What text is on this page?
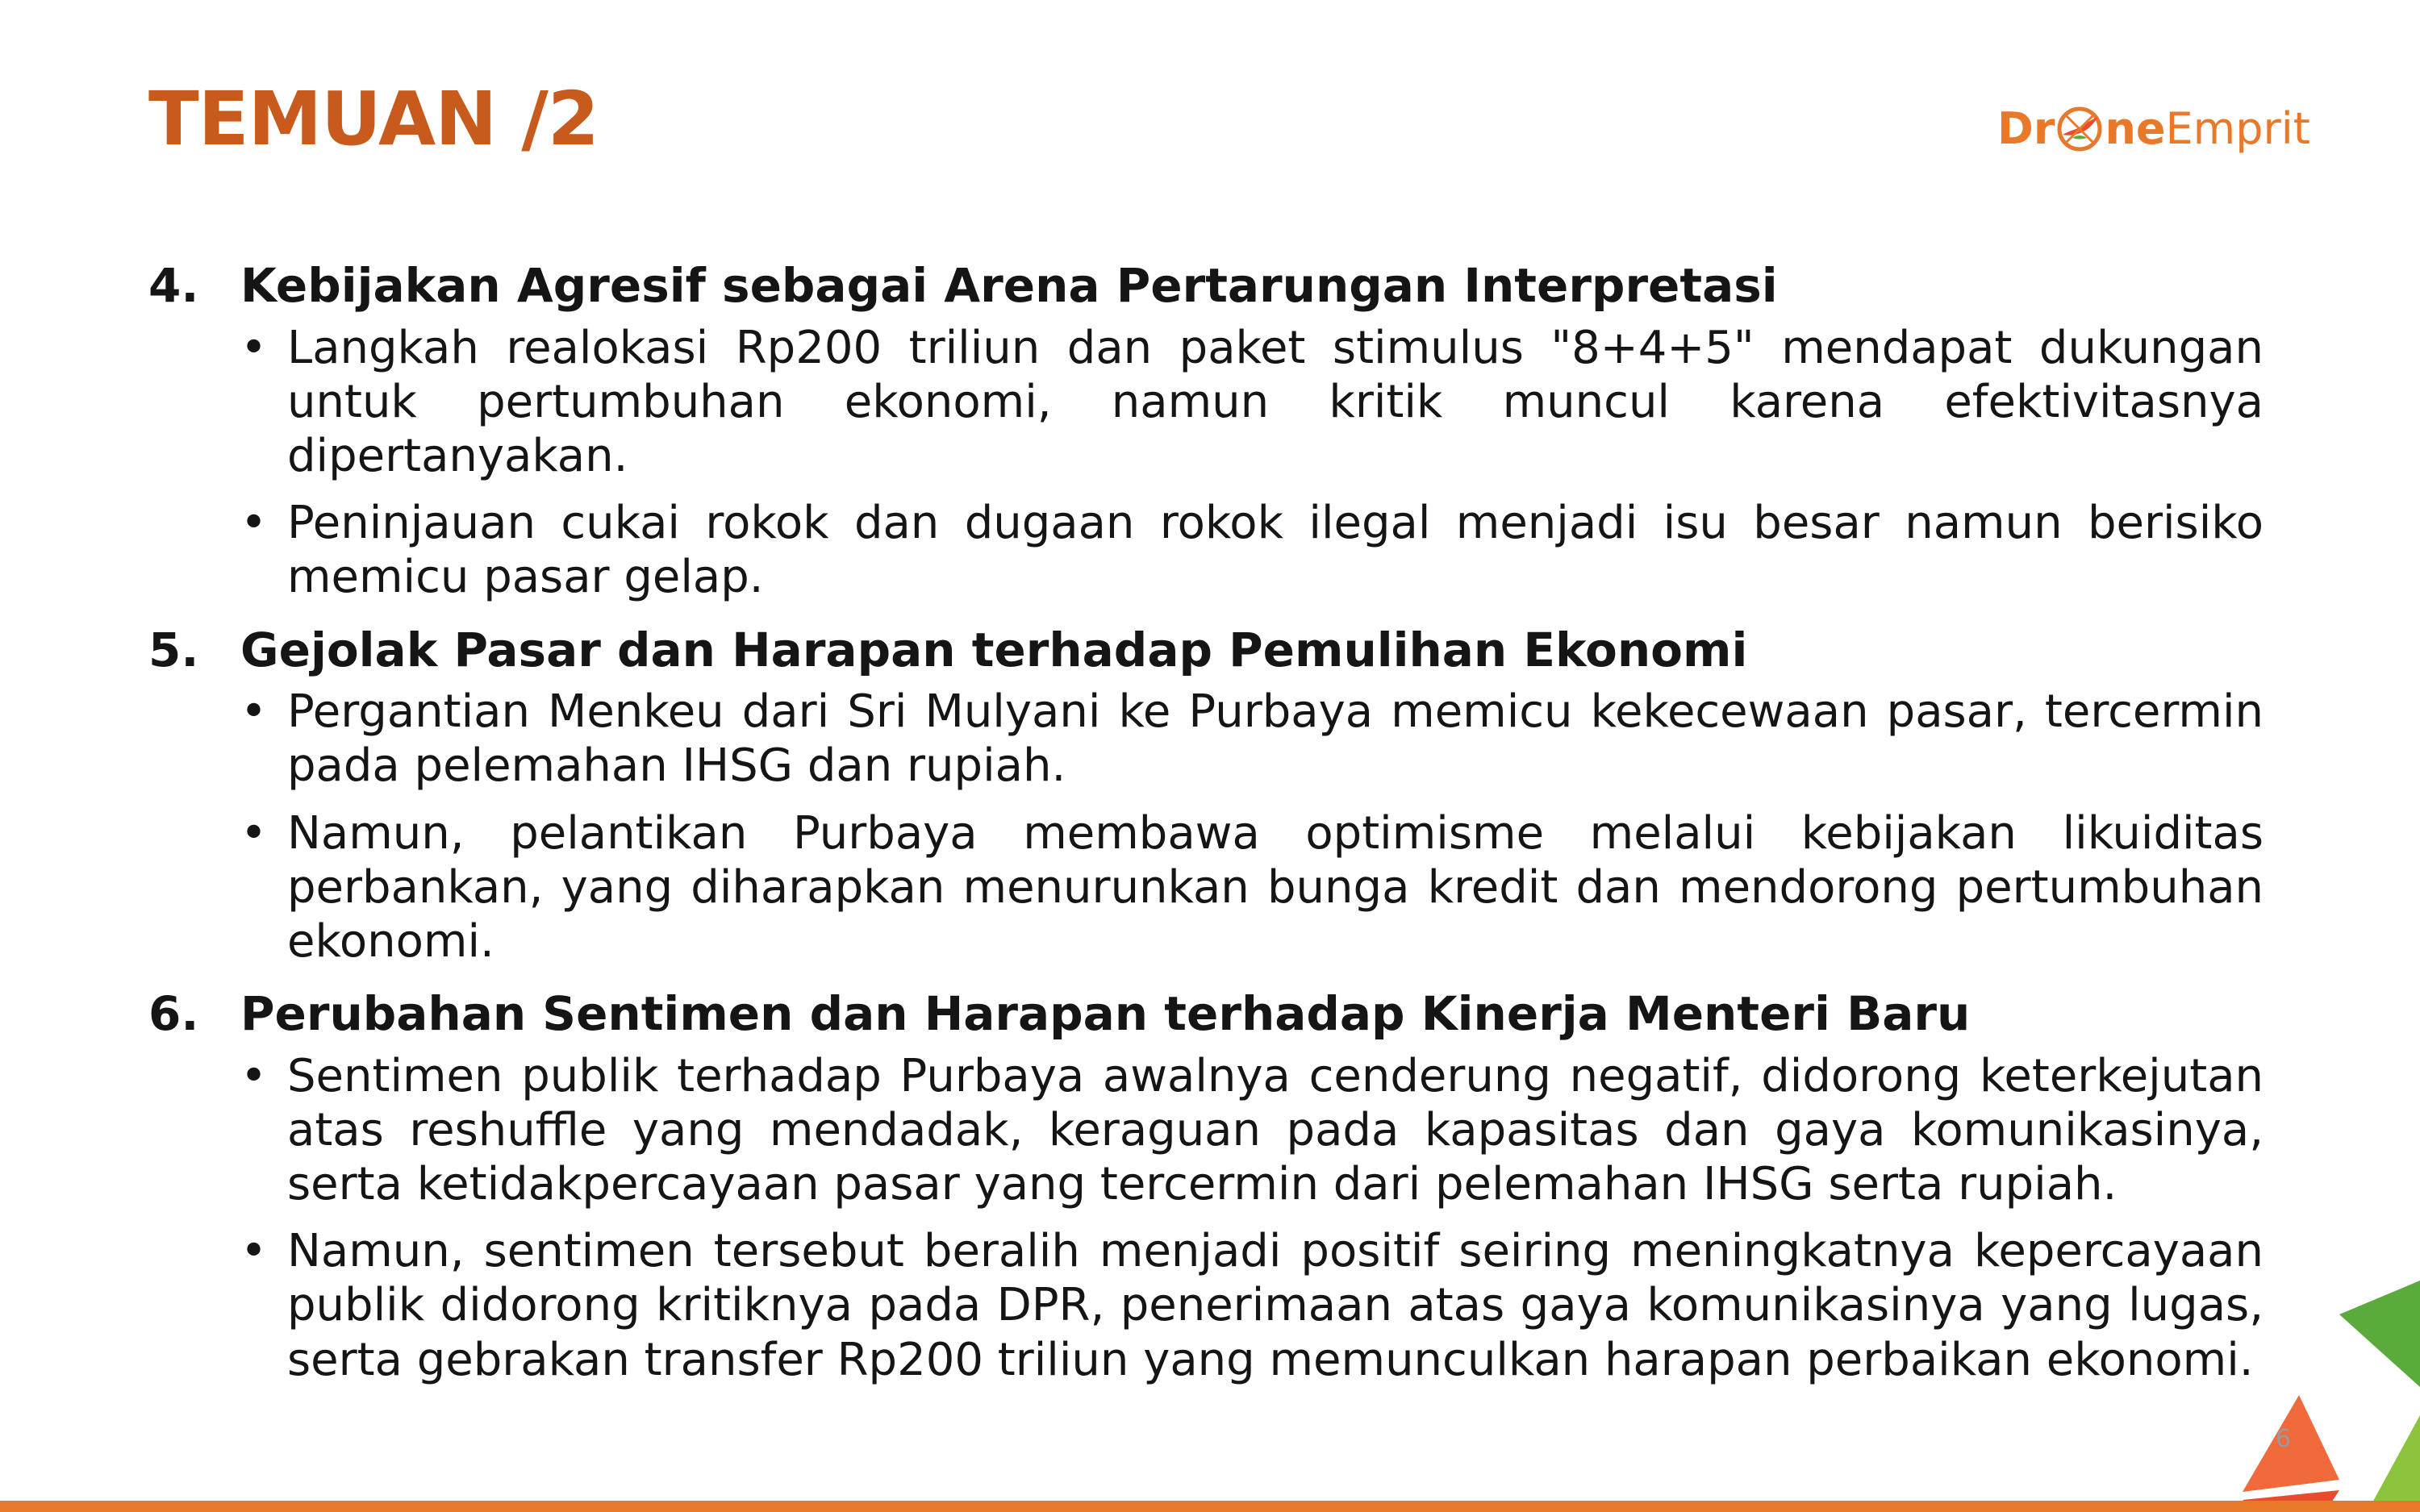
TEMUAN /2	Dr ne Emprit
4. Kebijakan Agresif sebagai Arena Pertarungan Interpretasi
• Langkah realokasi Rp200 triliun dan paket stimulus "8+4+5" mendapat dukungan untuk pertumbuhan ekonomi, namun kritik muncul karena efektivitasnya dipertanyakan.
• Peninjauan cukai rokok dan dugaan rokok ilegal menjadi isu besar namun berisiko memicu pasar gelap.
5. Gejolak Pasar dan Harapan terhadap Pemulihan Ekonomi
• Pergantian Menkeu dari Sri Mulyani ke Purbaya memicu kekecewaan pasar, tercermin pada pelemahan IHSG dan rupiah.
• Namun, pelantikan Purbaya membawa optimisme melalui kebijakan likuiditas perbankan, yang diharapkan menurunkan bunga kredit dan mendorong pertumbuhan ekonomi.
6. Perubahan Sentimen dan Harapan terhadap Kinerja Menteri Baru
• Sentimen publik terhadap Purbaya awalnya cenderung negatif, didorong keterkejutan atas reshuffle yang mendadak, keraguan pada kapasitas dan gaya komunikasinya, serta ketidakpercayaan pasar yang tercermin dari pelemahan IHSG serta rupiah.
• Namun, sentimen tersebut beralih menjadi positif seiring meningkatnya kepercayaan publik didorong kritiknya pada DPR, penerimaan atas gaya komunikasinya yang lugas, serta gebrakan transfer Rp200 triliun yang memunculkan harapan perbaikan ekonomi.
6
